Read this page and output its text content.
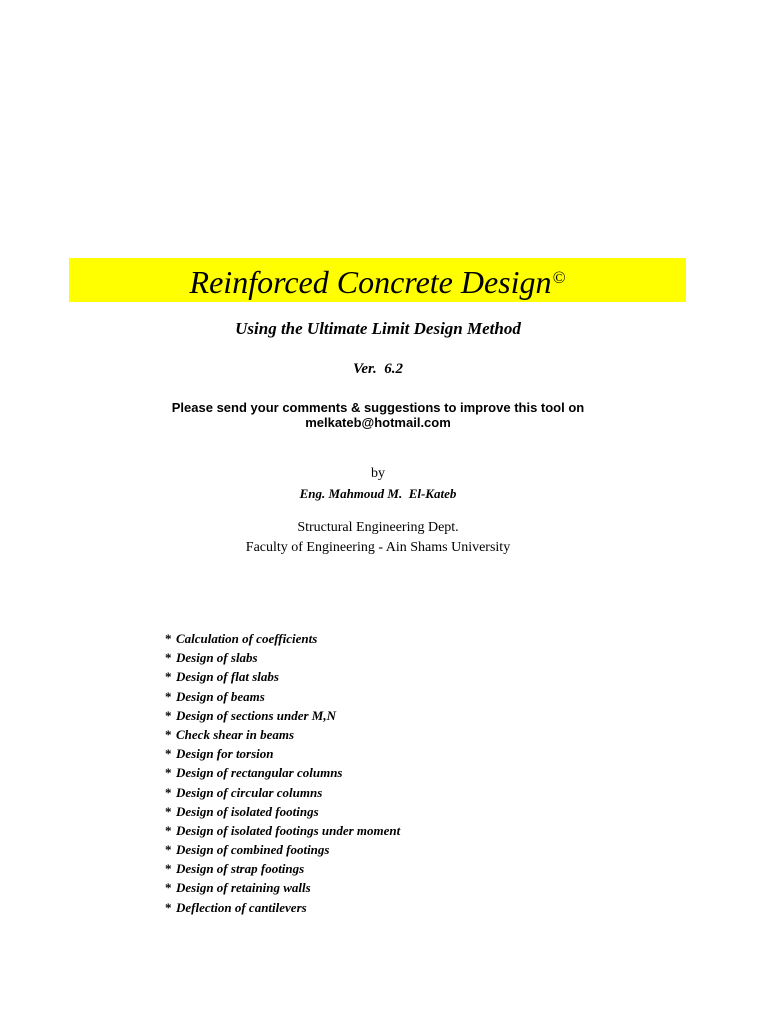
Reinforced Concrete Design©
Using the Ultimate Limit Design Method
Ver.  6.2
Please send your comments & suggestions to improve this tool on
melkateb@hotmail.com
by
Eng. Mahmoud M.  El-Kateb
Structural Engineering Dept.
Faculty of Engineering - Ain Shams University
* Calculation of coefficients
* Design of slabs
* Design of flat slabs
* Design of beams
* Design of sections under M,N
* Check shear in beams
* Design for torsion
* Design of rectangular columns
* Design of circular columns
* Design of isolated footings
* Design of isolated footings under moment
* Design of combined footings
* Design of strap footings
* Design of retaining walls
* Deflection of cantilevers
